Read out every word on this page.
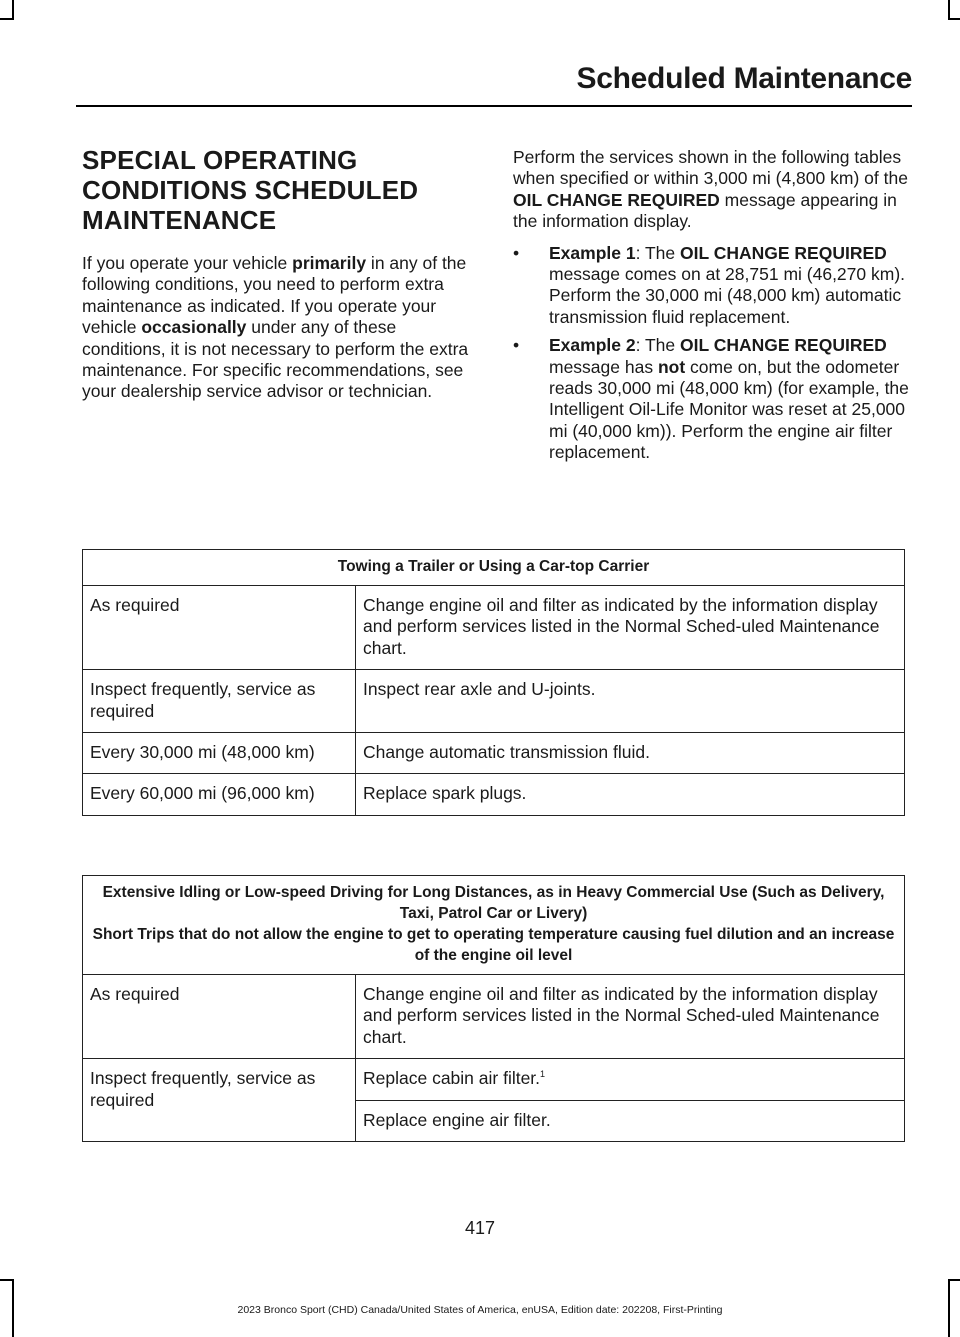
Scheduled Maintenance
SPECIAL OPERATING
CONDITIONS SCHEDULED
MAINTENANCE

If you operate your vehicle primarily in any of the following conditions, you need to perform extra maintenance as indicated. If you operate your vehicle occasionally under any of these conditions, it is not necessary to perform the extra maintenance. For specific recommendations, see your dealership service advisor or technician.

Perform the services shown in the following tables when specified or within 3,000 mi (4,800 km) of the OIL CHANGE REQUIRED message appearing in the information display.

• Example 1: The OIL CHANGE REQUIRED message comes on at 28,751 mi (46,270 km). Perform the 30,000 mi (48,000 km) automatic transmission fluid replacement.
• Example 2: The OIL CHANGE REQUIRED message has not come on, but the odometer reads 30,000 mi (48,000 km) (for example, the Intelligent Oil-Life Monitor was reset at 25,000 mi (40,000 km)). Perform the engine air filter replacement.
Towing a Trailer or Using a Car-top Carrier	
As required	Change engine oil and filter as indicated by the information display and perform services listed in the Normal Sched-uled Maintenance chart.
Inspect frequently, service as required	Inspect rear axle and U-joints.
Every 30,000 mi (48,000 km)	Change automatic transmission fluid.
Every 60,000 mi (96,000 km)	Replace spark plugs.
Extensive Idling or Low-speed Driving for Long Distances, as in Heavy Commercial Use (Such as Delivery, Taxi, Patrol Car or Livery)
Short Trips that do not allow the engine to get to operating temperature causing fuel dilution and an increase of the engine oil level	
As required	Change engine oil and filter as indicated by the information display and perform services listed in the Normal Sched-uled Maintenance chart.
Inspect frequently, service as required	Replace cabin air filter.$^1$
	Replace engine air filter.
417
2023 Bronco Sport (CHD) Canada/United States of America, enUSA, Edition date: 202208, First-Printing
